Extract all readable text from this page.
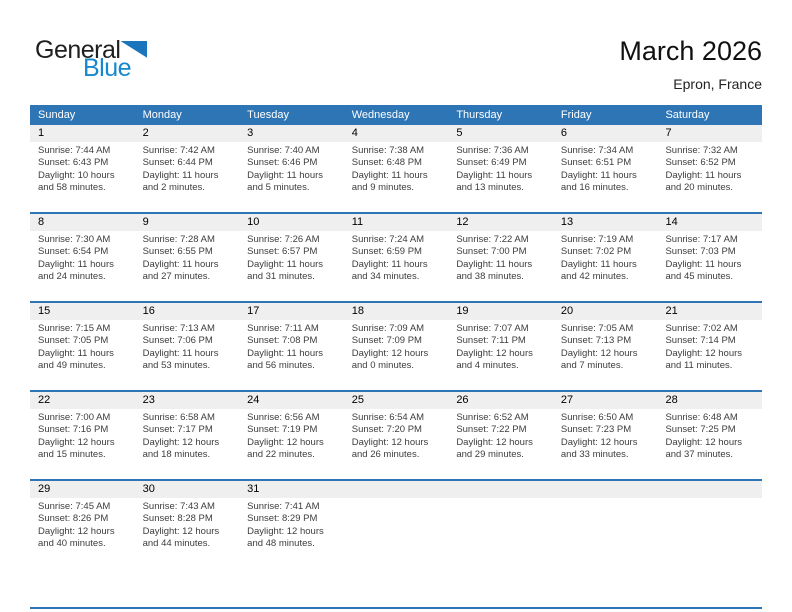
General
Blue
March 2026
Epron, France
Sunday	Monday	Tuesday	Wednesday	Thursday	Friday	Saturday
1	2	3	4	5	6	7
Sunrise: 7:44 AM
Sunset: 6:43 PM
Daylight: 10 hours and 58 minutes.
Sunrise: 7:42 AM
Sunset: 6:44 PM
Daylight: 11 hours and 2 minutes.
Sunrise: 7:40 AM
Sunset: 6:46 PM
Daylight: 11 hours and 5 minutes.
Sunrise: 7:38 AM
Sunset: 6:48 PM
Daylight: 11 hours and 9 minutes.
Sunrise: 7:36 AM
Sunset: 6:49 PM
Daylight: 11 hours and 13 minutes.
Sunrise: 7:34 AM
Sunset: 6:51 PM
Daylight: 11 hours and 16 minutes.
Sunrise: 7:32 AM
Sunset: 6:52 PM
Daylight: 11 hours and 20 minutes.
8	9	10	11	12	13	14
Sunrise: 7:30 AM
Sunset: 6:54 PM
Daylight: 11 hours and 24 minutes.
Sunrise: 7:28 AM
Sunset: 6:55 PM
Daylight: 11 hours and 27 minutes.
Sunrise: 7:26 AM
Sunset: 6:57 PM
Daylight: 11 hours and 31 minutes.
Sunrise: 7:24 AM
Sunset: 6:59 PM
Daylight: 11 hours and 34 minutes.
Sunrise: 7:22 AM
Sunset: 7:00 PM
Daylight: 11 hours and 38 minutes.
Sunrise: 7:19 AM
Sunset: 7:02 PM
Daylight: 11 hours and 42 minutes.
Sunrise: 7:17 AM
Sunset: 7:03 PM
Daylight: 11 hours and 45 minutes.
15	16	17	18	19	20	21
Sunrise: 7:15 AM
Sunset: 7:05 PM
Daylight: 11 hours and 49 minutes.
Sunrise: 7:13 AM
Sunset: 7:06 PM
Daylight: 11 hours and 53 minutes.
Sunrise: 7:11 AM
Sunset: 7:08 PM
Daylight: 11 hours and 56 minutes.
Sunrise: 7:09 AM
Sunset: 7:09 PM
Daylight: 12 hours and 0 minutes.
Sunrise: 7:07 AM
Sunset: 7:11 PM
Daylight: 12 hours and 4 minutes.
Sunrise: 7:05 AM
Sunset: 7:13 PM
Daylight: 12 hours and 7 minutes.
Sunrise: 7:02 AM
Sunset: 7:14 PM
Daylight: 12 hours and 11 minutes.
22	23	24	25	26	27	28
Sunrise: 7:00 AM
Sunset: 7:16 PM
Daylight: 12 hours and 15 minutes.
Sunrise: 6:58 AM
Sunset: 7:17 PM
Daylight: 12 hours and 18 minutes.
Sunrise: 6:56 AM
Sunset: 7:19 PM
Daylight: 12 hours and 22 minutes.
Sunrise: 6:54 AM
Sunset: 7:20 PM
Daylight: 12 hours and 26 minutes.
Sunrise: 6:52 AM
Sunset: 7:22 PM
Daylight: 12 hours and 29 minutes.
Sunrise: 6:50 AM
Sunset: 7:23 PM
Daylight: 12 hours and 33 minutes.
Sunrise: 6:48 AM
Sunset: 7:25 PM
Daylight: 12 hours and 37 minutes.
29	30	31
Sunrise: 7:45 AM
Sunset: 8:26 PM
Daylight: 12 hours and 40 minutes.
Sunrise: 7:43 AM
Sunset: 8:28 PM
Daylight: 12 hours and 44 minutes.
Sunrise: 7:41 AM
Sunset: 8:29 PM
Daylight: 12 hours and 48 minutes.
